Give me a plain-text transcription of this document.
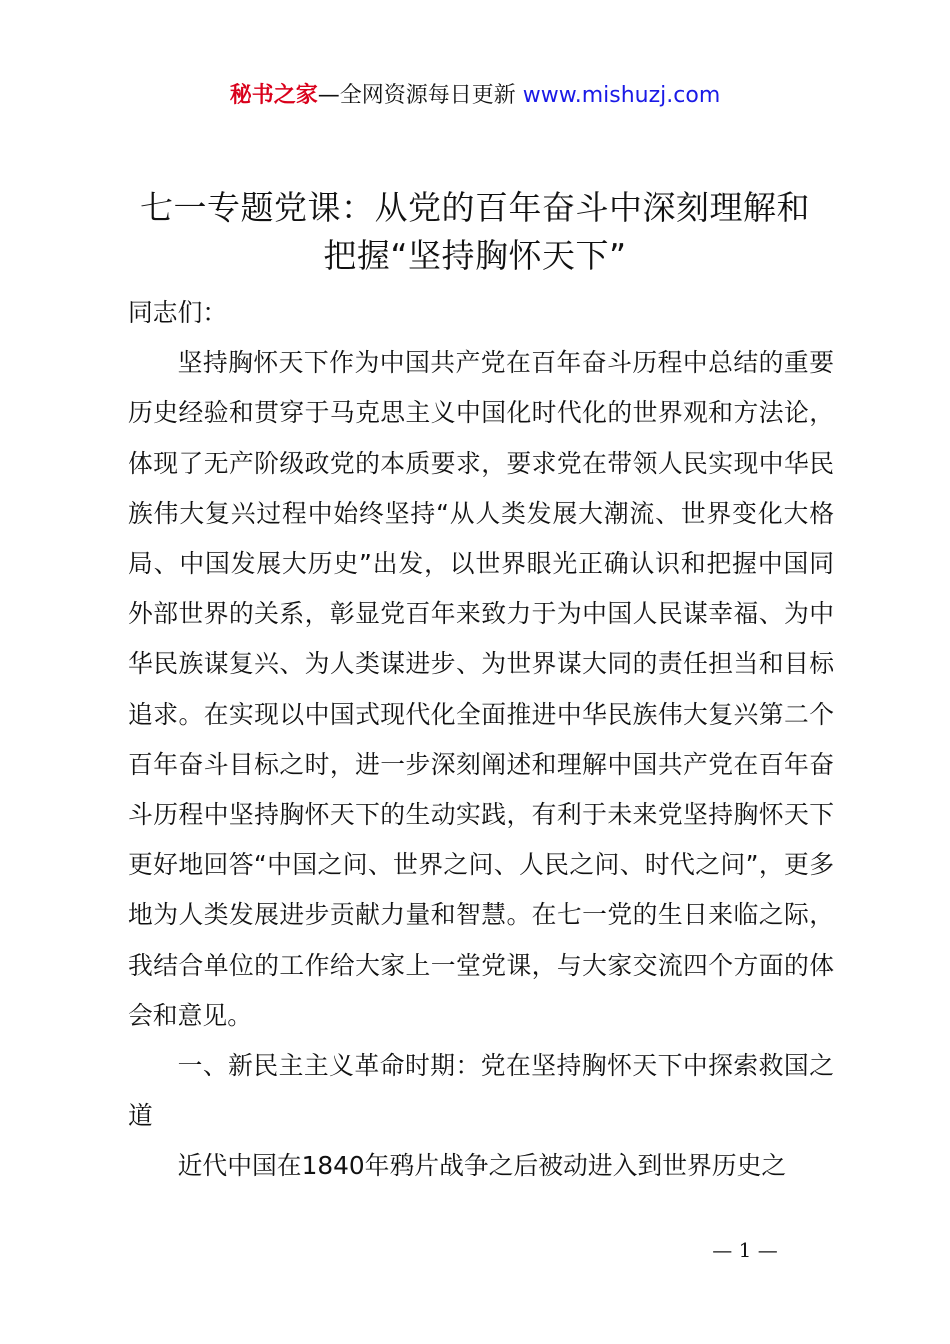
秘书之家—全网资源每日更新 www.mishuzj.com
七一专题党课：从党的百年奋斗中深刻理解和
把握“坚持胸怀天下”

同志们：

坚持胸怀天下作为中国共产党在百年奋斗历程中总结的重要历史经验和贯穿于马克思主义中国化时代化的世界观和方法论，体现了无产阶级政党的本质要求，要求党在带领人民实现中华民族伟大复兴过程中始终坚持“从人类发展大潮流、世界变化大格局、中国发展大历史”出发，以世界眼光正确认识和把握中国同外部世界的关系，彰显党百年来致力于为中国人民谋幸福、为中华民族谋复兴、为人类谋进步、为世界谋大同的责任担当和目标追求。在实现以中国式现代化全面推进中华民族伟大复兴第二个百年奋斗目标之时，进一步深刻阐述和理解中国共产党在百年奋斗历程中坚持胸怀天下的生动实践，有利于未来党坚持胸怀天下更好地回答“中国之问、世界之问、人民之问、时代之问”，更多地为人类发展进步贡献力量和智慧。在七一党的生日来临之际，我结合单位的工作给大家上一堂党课，与大家交流四个方面的体会和意见。

一、新民主主义革命时期：党在坚持胸怀天下中探索救国之道

近代中国在1840年鸦片战争之后被动进入到世界历史之

— 1 —
